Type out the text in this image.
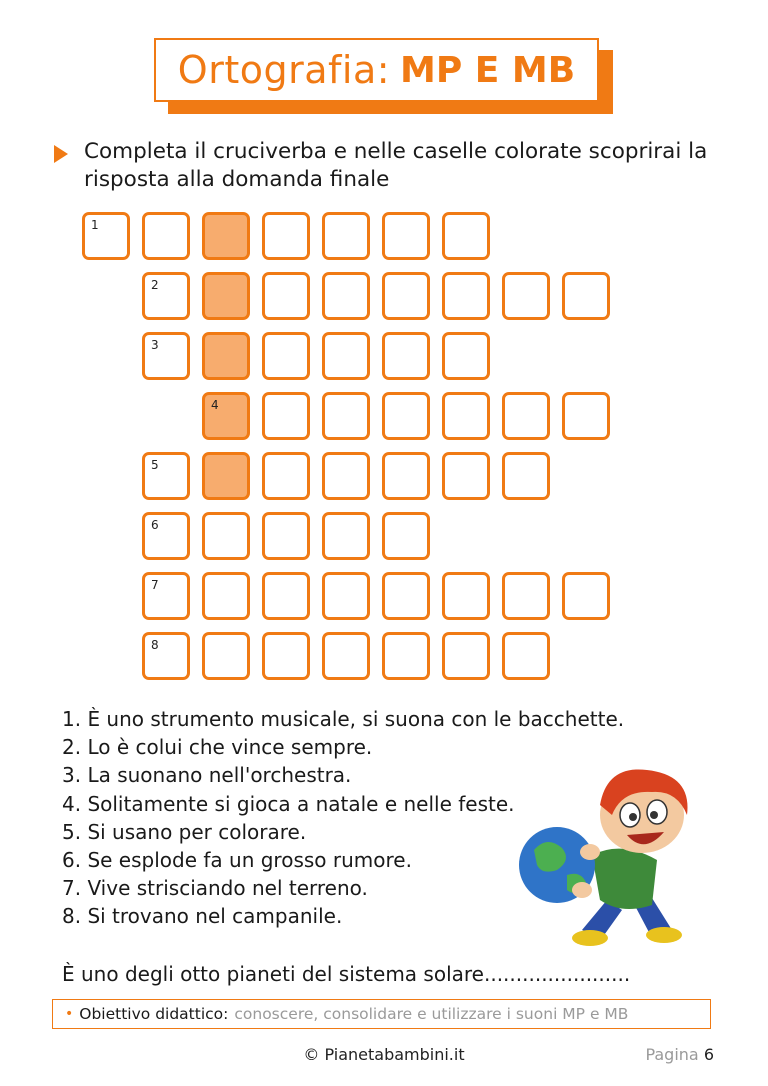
Ortografia: MP E MB
Completa il cruciverba e nelle caselle colorate scoprirai la risposta alla domanda finale
1
2
3
4
5
6
7
8
1. È uno strumento musicale, si suona con le bacchette.
2. Lo è colui che vince sempre.
3. La suonano nell'orchestra.
4. Solitamente si gioca a natale e nelle feste.
5. Si usano per colorare.
6. Se esplode fa un grosso rumore.
7. Vive strisciando nel terreno.
8. Si trovano nel campanile.
È uno degli otto pianeti del sistema solare.......................
• Obiettivo didattico: conoscere, consolidare e utilizzare i suoni MP e MB
© Pianetabambini.it	Pagina 6
